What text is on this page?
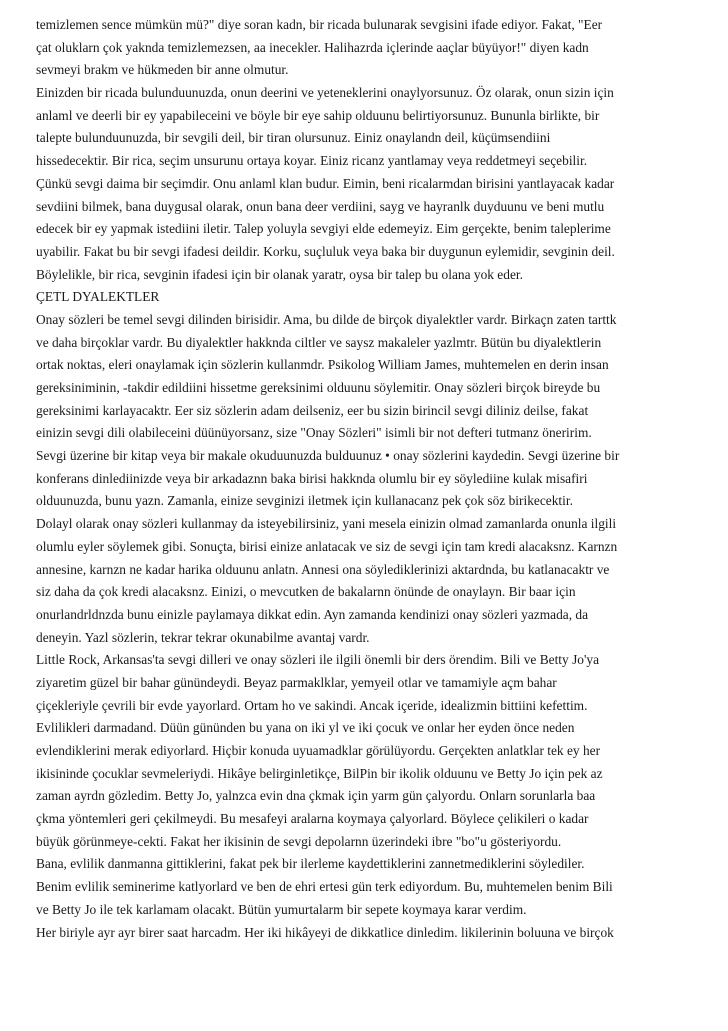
temizlemen sence mümkün mü?" diye soran kadn, bir ricada bulunarak sevgisini ifade ediyor. Fakat, "Eer
çat oluklarn çok yaknda temizlemezsen, aa inecekler. Halihazrda içlerinde aaçlar büyüyor!" diyen kadn
sevmeyi brakm ve hükmeden bir anne olmutur.
Einizden bir ricada bulunduunuzda, onun deerini ve yeteneklerini onaylyorsunuz. Öz olarak, onun sizin için
anlaml ve deerli bir ey yapabileceini ve böyle bir eye sahip olduunu belirtiyorsunuz. Bununla birlikte, bir
talepte bulunduunuzda, bir sevgili deil, bir tiran olursunuz. Einiz onaylandn deil, küçümsendiini
hissedecektir. Bir rica, seçim unsurunu ortaya koyar. Einiz ricanz yantlamay veya reddetmeyi seçebilir.
Çünkü sevgi daima bir seçimdir. Onu anlaml klan budur. Eimin, beni ricalarmdan birisini yantlayacak kadar
sevdiini bilmek, bana duygusal olarak, onun bana deer verdiini, sayg ve hayranlk duyduunu ve beni mutlu
edecek bir ey yapmak istediini iletir. Talep yoluyla sevgiyi elde edemeyiz. Eim gerçekte, benim taleplerime
uyabilir. Fakat bu bir sevgi ifadesi deildir. Korku, suçluluk veya baka bir duygunun eylemidir, sevginin deil.
Böylelikle, bir rica, sevginin ifadesi için bir olanak yaratr, oysa bir talep bu olana yok eder.
ÇETL DYALEKTLER
Onay sözleri be temel sevgi dilinden birisidir. Ama, bu dilde de birçok diyalektler vardr. Birkaçn zaten tarttk
ve daha birçoklar vardr. Bu diyalektler hakknda ciltler ve saysz makaleler yazlmtr. Bütün bu diyalektlerin
ortak noktas, eleri onaylamak için sözlerin kullanmdr. Psikolog William James, muhtemelen en derin insan
gereksiniminin, -takdir edildiini hissetme gereksinimi olduunu söylemitir. Onay sözleri birçok bireyde bu
gereksinimi karlayacaktr. Eer siz sözlerin adam deilseniz, eer bu sizin birincil sevgi diliniz deilse, fakat
einizin sevgi dili olabileceini düünüyorsanz, size "Onay Sözleri" isimli bir not defteri tutmanz öneririm.
Sevgi üzerine bir kitap veya bir makale okuduunuzda bulduunuz • onay sözlerini kaydedin. Sevgi üzerine bir
konferans dinlediinizde veya bir arkadaznn baka birisi hakknda olumlu bir ey söylediine kulak misafiri
olduunuzda, bunu yazn. Zamanla, einize sevginizi iletmek için kullanacanz pek çok söz birikecektir.
Dolayl olarak onay sözleri kullanmay da isteyebilirsiniz, yani mesela einizin olmad zamanlarda onunla ilgili
olumlu eyler söylemek gibi. Sonuçta, birisi einize anlatacak ve siz de sevgi için tam kredi alacaksnz. Karnzn
annesine, karnzn ne kadar harika olduunu anlatn. Annesi ona söylediklerinizi aktardnda, bu katlanacaktr ve
siz daha da çok kredi alacaksnz. Einizi, o mevcutken de bakalarnn önünde de onaylayn. Bir baar için
onurlandrldnzda bunu einizle paylamaya dikkat edin. Ayn zamanda kendinizi onay sözleri yazmada, da
deneyin. Yazl sözlerin, tekrar tekrar okunabilme avantaj vardr.
Little Rock, Arkansas'ta sevgi dilleri ve onay sözleri ile ilgili önemli bir ders örendim. Bili ve Betty Jo'ya
ziyaretim güzel bir bahar günündeydi. Beyaz parmaklklar, yemyeil otlar ve tamamiyle açm bahar
çiçekleriyle çevrili bir evde yayorlard. Ortam ho ve sakindi. Ancak içeride, idealizmin bittiini kefettim.
Evlilikleri darmadand. Düün gününden bu yana on iki yl ve iki çocuk ve onlar her eyden önce neden
evlendiklerini merak ediyorlard. Hiçbir konuda uyuamadklar görülüyordu. Gerçekten anlatklar tek ey her
ikisininde çocuklar sevmeleriydi. Hikâye belirginletikçe, BilPin bir ikolik olduunu ve Betty Jo için pek az
zaman ayrdn gözledim. Betty Jo, yalnzca evin dna çkmak için yarm gün çalyordu. Onlarn sorunlarla baa
çkma yöntemleri geri çekilmeydi. Bu mesafeyi aralarna koymaya çalyorlard. Böylece çelikileri o kadar
büyük görünmeye-cekti. Fakat her ikisinin de sevgi depolarnn üzerindeki ibre "bo"u gösteriyordu.
Bana, evlilik danmanna gittiklerini, fakat pek bir ilerleme kaydettiklerini zannetmediklerini söylediler.
Benim evlilik seminerime katlyorlard ve ben de ehri ertesi gün terk ediyordum. Bu, muhtemelen benim Bili
ve Betty Jo ile tek karlamam olacakt. Bütün yumurtalarm bir sepete koymaya karar verdim.
Her biriyle ayr ayr birer saat harcadm. Her iki hikâyeyi de dikkatlice dinledim. likilerinin boluuna ve birçok
